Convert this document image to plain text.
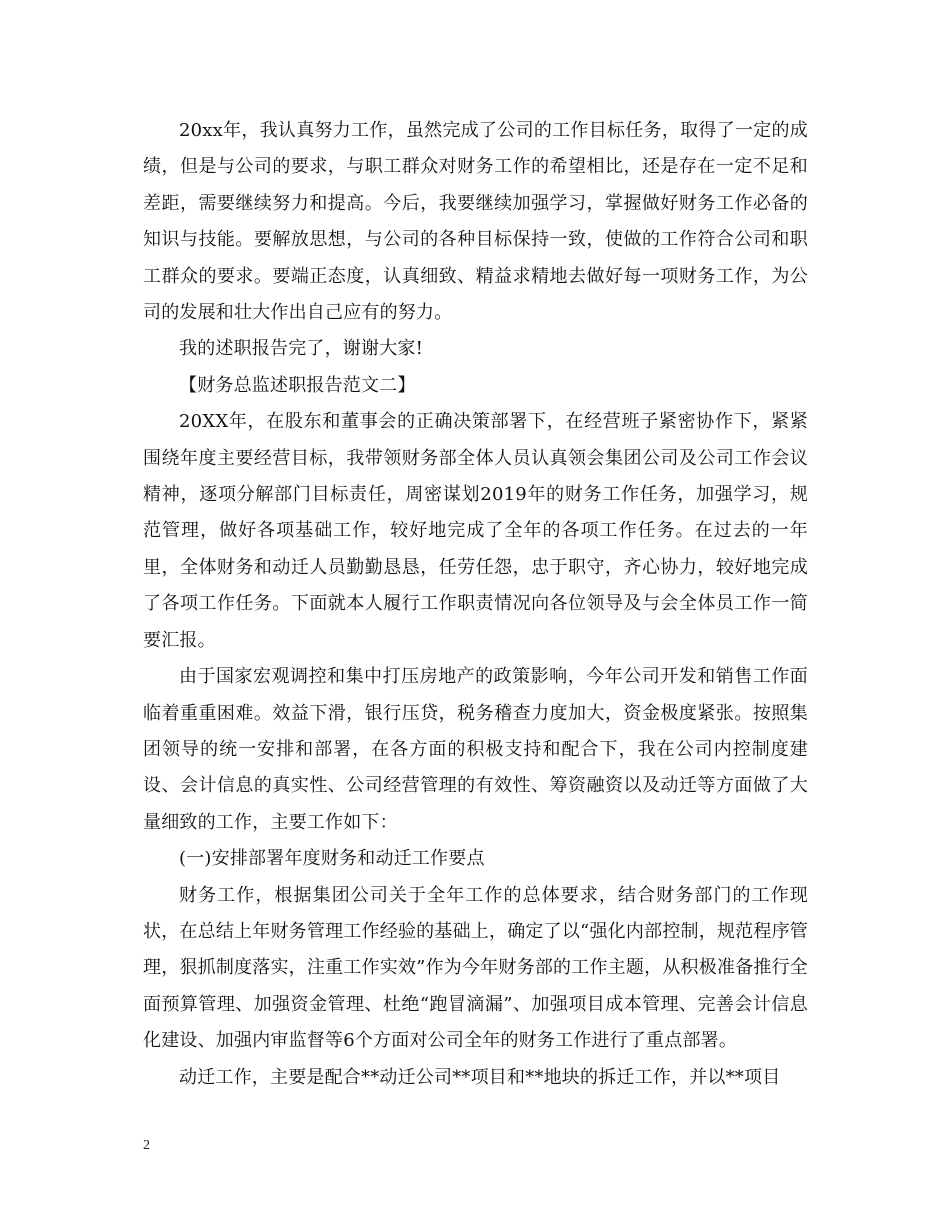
20xx年，我认真努力工作，虽然完成了公司的工作目标任务，取得了一定的成绩，但是与公司的要求，与职工群众对财务工作的希望相比，还是存在一定不足和差距，需要继续努力和提高。今后，我要继续加强学习，掌握做好财务工作必备的知识与技能。要解放思想，与公司的各种目标保持一致，使做的工作符合公司和职工群众的要求。要端正态度，认真细致、精益求精地去做好每一项财务工作，为公司的发展和壮大作出自己应有的努力。

我的述职报告完了，谢谢大家!

【财务总监述职报告范文二】

20XX年，在股东和董事会的正确决策部署下，在经营班子紧密协作下，紧紧围绕年度主要经营目标，我带领财务部全体人员认真领会集团公司及公司工作会议精神，逐项分解部门目标责任，周密谋划2019年的财务工作任务，加强学习，规范管理，做好各项基础工作，较好地完成了全年的各项工作任务。在过去的一年里，全体财务和动迁人员勤勤恳恳，任劳任怨，忠于职守，齐心协力，较好地完成了各项工作任务。下面就本人履行工作职责情况向各位领导及与会全体员工作一简要汇报。

由于国家宏观调控和集中打压房地产的政策影响，今年公司开发和销售工作面临着重重困难。效益下滑，银行压贷，税务稽查力度加大，资金极度紧张。按照集团领导的统一安排和部署，在各方面的积极支持和配合下，我在公司内控制度建设、会计信息的真实性、公司经营管理的有效性、筹资融资以及动迁等方面做了大量细致的工作，主要工作如下：

(一)安排部署年度财务和动迁工作要点

财务工作，根据集团公司关于全年工作的总体要求，结合财务部门的工作现状，在总结上年财务管理工作经验的基础上，确定了以“强化内部控制，规范程序管理，狠抓制度落实，注重工作实效”作为今年财务部的工作主题，从积极准备推行全面预算管理、加强资金管理、杜绝“跑冒滴漏”、加强项目成本管理、完善会计信息化建设、加强内审监督等6个方面对公司全年的财务工作进行了重点部署。

动迁工作，主要是配合**动迁公司**项目和**地块的拆迁工作，并以**项目

2
